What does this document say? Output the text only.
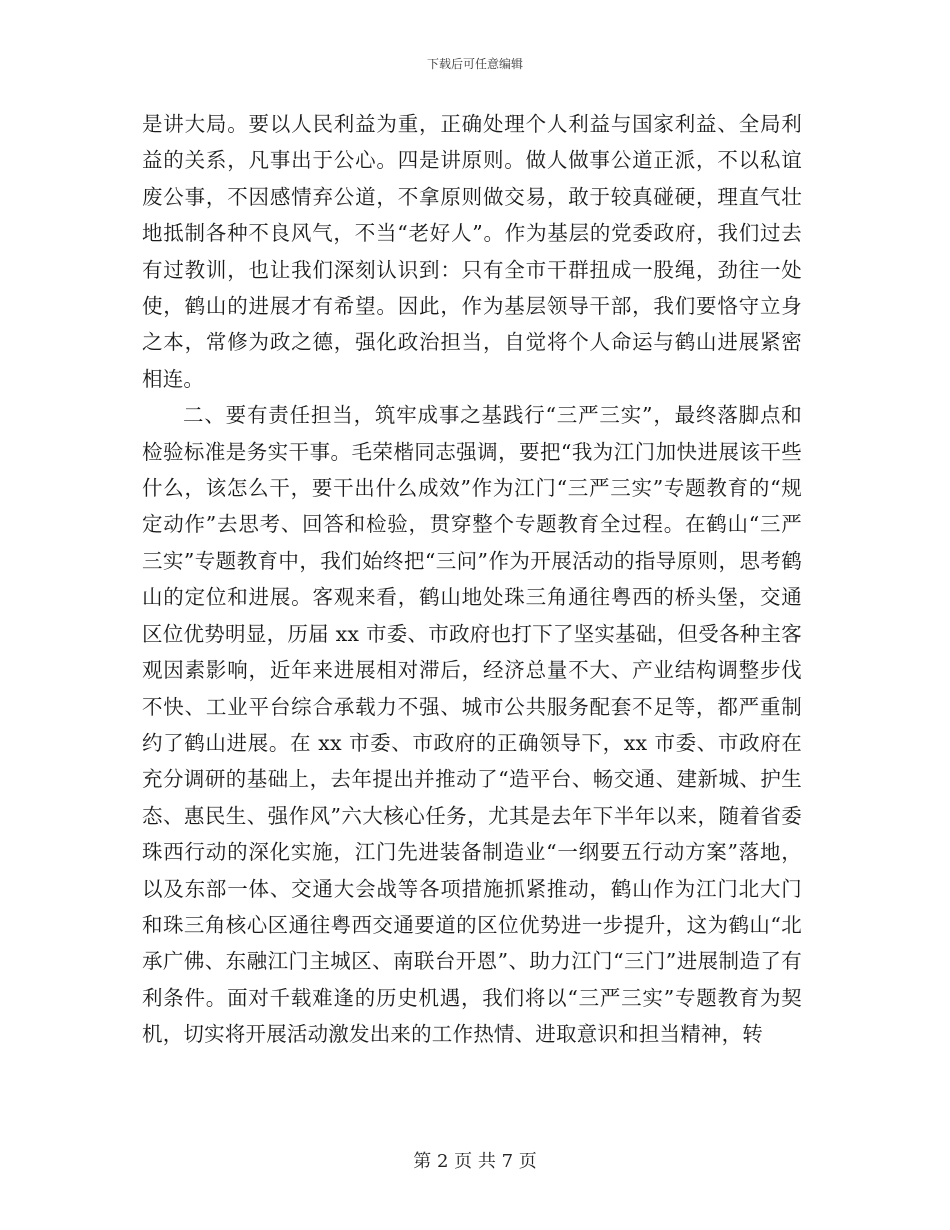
下载后可任意编辑

是讲大局。要以人民利益为重，正确处理个人利益与国家利益、全局利益的关系，凡事出于公心。四是讲原则。做人做事公道正派，不以私谊废公事，不因感情弃公道，不拿原则做交易，敢于较真碰硬，理直气壮地抵制各种不良风气，不当“老好人”。作为基层的党委政府，我们过去有过教训，也让我们深刻认识到：只有全市干群扭成一股绳，劲往一处使，鹤山的进展才有希望。因此，作为基层领导干部，我们要恪守立身之本，常修为政之德，强化政治担当，自觉将个人命运与鹤山进展紧密相连。

二、要有责任担当，筑牢成事之基践行“三严三实”，最终落脚点和检验标准是务实干事。毛荣楷同志强调，要把“我为江门加快进展该干些什么，该怎么干，要干出什么成效”作为江门“三严三实”专题教育的“规定动作”去思考、回答和检验，贯穿整个专题教育全过程。在鹤山“三严三实”专题教育中，我们始终把“三问”作为开展活动的指导原则，思考鹤山的定位和进展。客观来看，鹤山地处珠三角通往粤西的桥头堡，交通区位优势明显，历届 xx 市委、市政府也打下了坚实基础，但受各种主客观因素影响，近年来进展相对滞后，经济总量不大、产业结构调整步伐不快、工业平台综合承载力不强、城市公共服务配套不足等，都严重制约了鹤山进展。在 xx 市委、市政府的正确领导下，xx 市委、市政府在充分调研的基础上，去年提出并推动了“造平台、畅交通、建新城、护生态、惠民生、强作风”六大核心任务，尤其是去年下半年以来，随着省委珠西行动的深化实施，江门先进装备制造业“一纲要五行动方案”落地，以及东部一体、交通大会战等各项措施抓紧推动，鹤山作为江门北大门和珠三角核心区通往粤西交通要道的区位优势进一步提升，这为鹤山“北承广佛、东融江门主城区、南联台开恩”、助力江门“三门”进展制造了有利条件。面对千载难逢的历史机遇，我们将以“三严三实”专题教育为契机，切实将开展活动激发出来的工作热情、进取意识和担当精神，转

第 2 页 共 7 页
